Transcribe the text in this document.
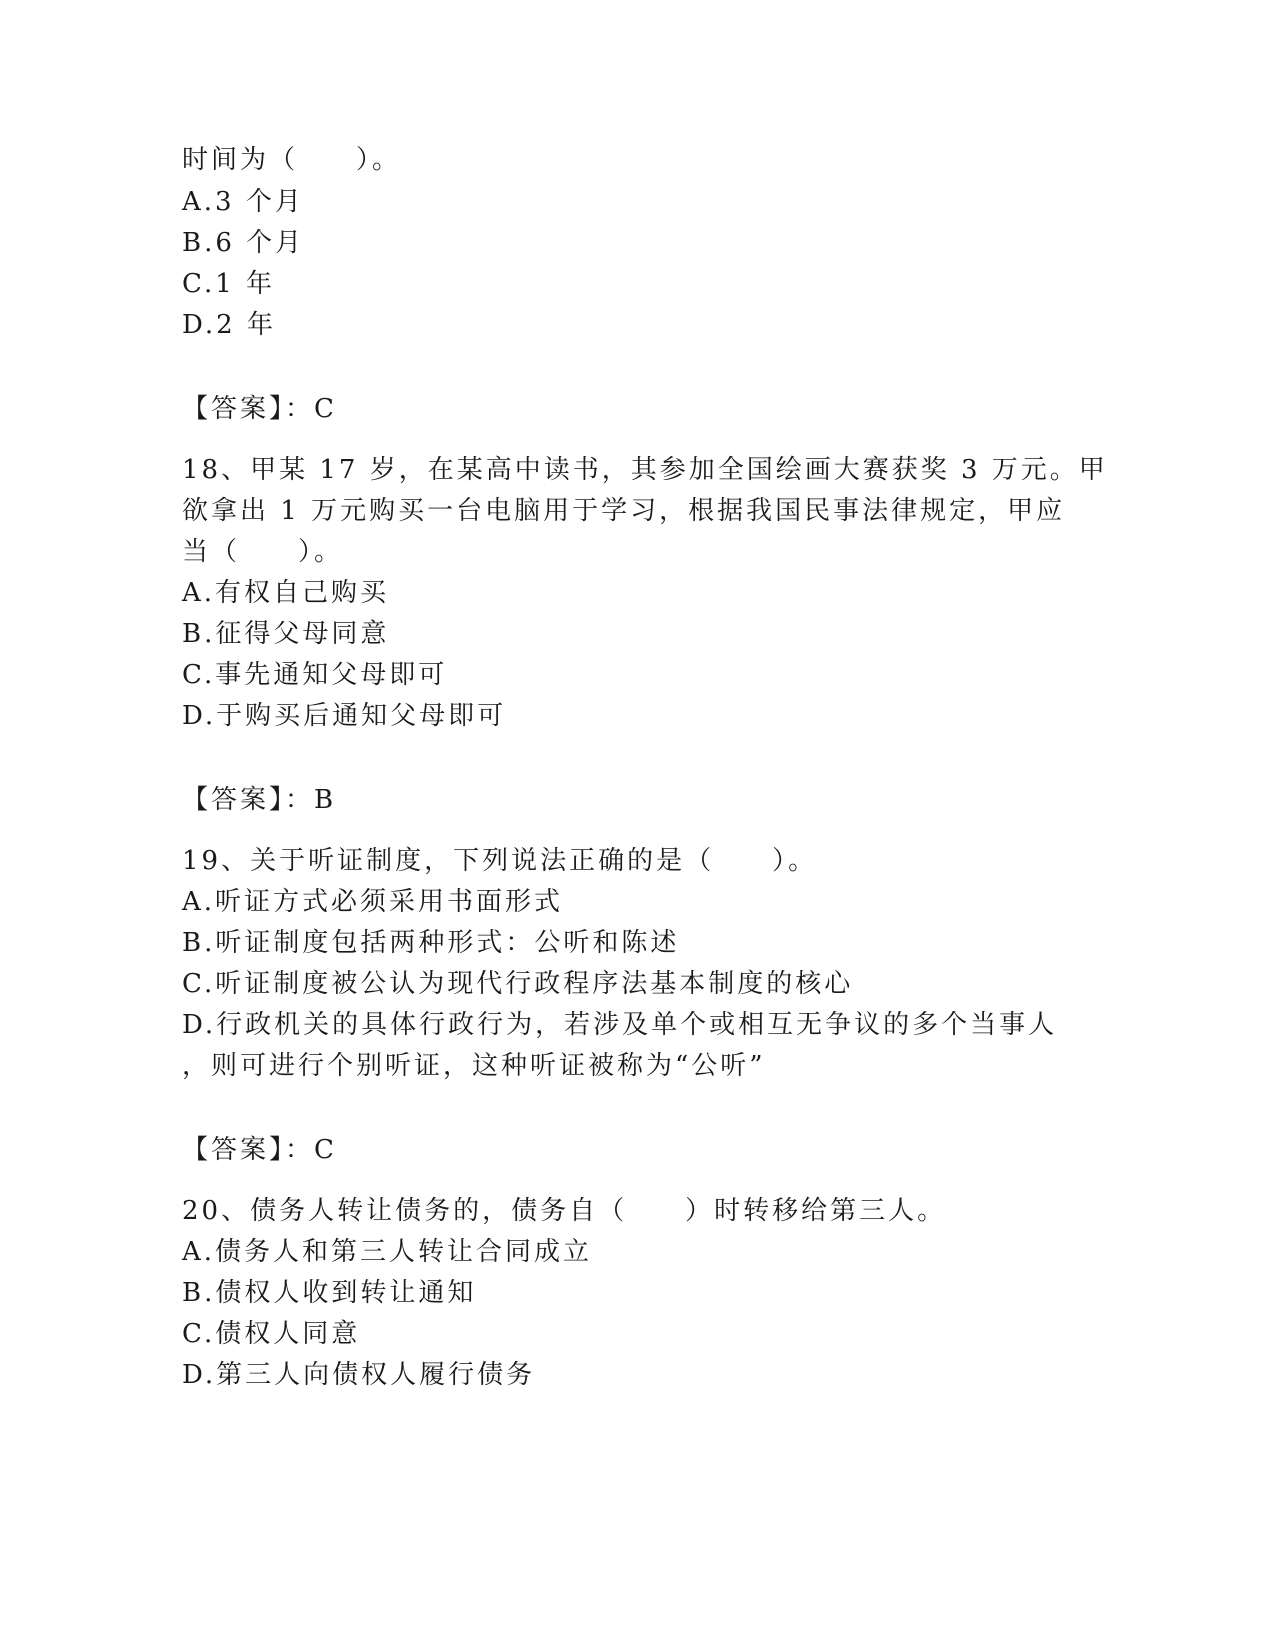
时间为（　　）。
A.3 个月
B.6 个月
C.1 年
D.2 年
【答案】：C
18、甲某 17 岁，在某高中读书，其参加全国绘画大赛获奖 3 万元。甲
欲拿出 1 万元购买一台电脑用于学习，根据我国民事法律规定，甲应
当（　　）。
A.有权自己购买
B.征得父母同意
C.事先通知父母即可
D.于购买后通知父母即可
【答案】：B
19、关于听证制度，下列说法正确的是（　　）。
A.听证方式必须采用书面形式
B.听证制度包括两种形式：公听和陈述
C.听证制度被公认为现代行政程序法基本制度的核心
D.行政机关的具体行政行为，若涉及单个或相互无争议的多个当事人
，则可进行个别听证，这种听证被称为“公听”
【答案】：C
20、债务人转让债务的，债务自（　　）时转移给第三人。
A.债务人和第三人转让合同成立
B.债权人收到转让通知
C.债权人同意
D.第三人向债权人履行债务
